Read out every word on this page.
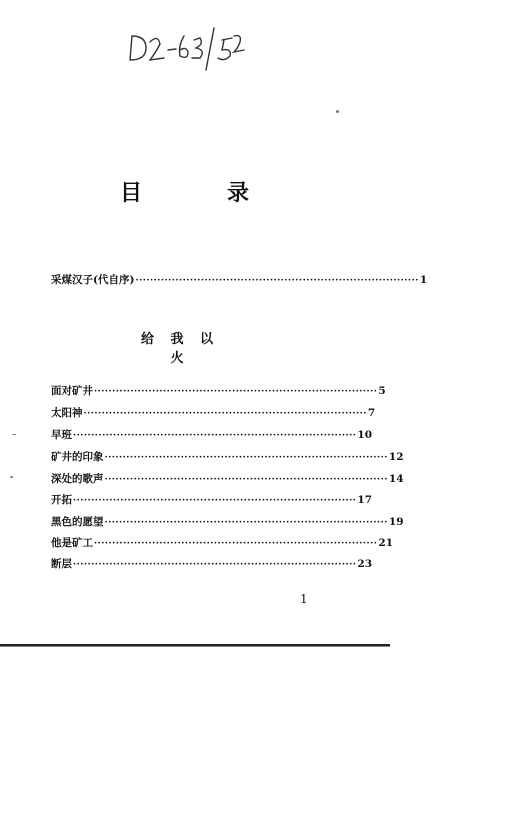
目	录
采煤汉子(代自序) ·············································································· 1
给 我 以 火
面对矿井 ·············································································· 5
太阳神 ·············································································· 7
早班 ·············································································· 10
矿井的印象 ·············································································· 12
深处的歌声 ·············································································· 14
开拓 ·············································································· 17
黑色的愿望 ·············································································· 19
他是矿工 ·············································································· 21
断层 ·············································································· 23
1
